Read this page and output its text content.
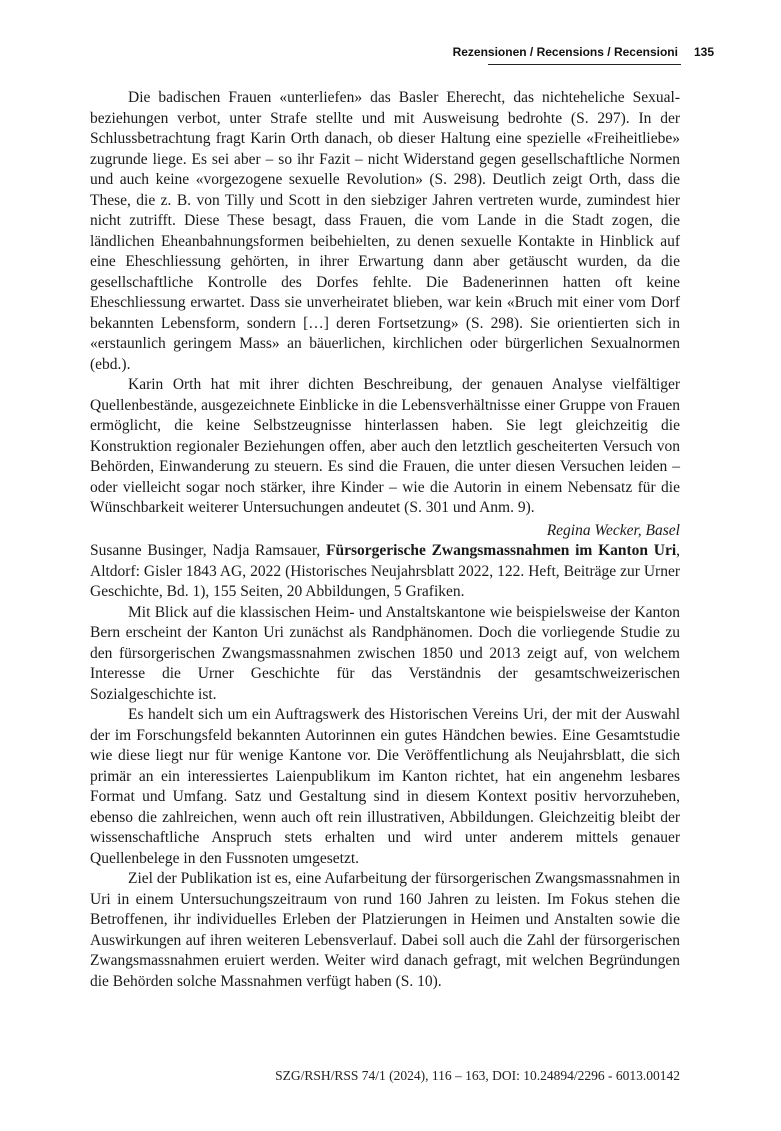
Rezensionen / Recensions / Recensioni 135

Die badischen Frauen «unterliefen» das Basler Eherecht, das nichteheliche Sexualbeziehungen verbot, unter Strafe stellte und mit Ausweisung bedrohte (S. 297). In der Schlussbetrachtung fragt Karin Orth danach, ob dieser Haltung eine spezielle «Freiheitliebe» zugrunde liege. Es sei aber – so ihr Fazit – nicht Widerstand gegen gesellschaftliche Normen und auch keine «vorgezogene sexuelle Revolution» (S. 298). Deutlich zeigt Orth, dass die These, die z. B. von Tilly und Scott in den siebziger Jahren vertreten wurde, zumindest hier nicht zutrifft. Diese These besagt, dass Frauen, die vom Lande in die Stadt zogen, die ländlichen Eheanbahnungsformen beibehielten, zu denen sexuelle Kontakte in Hinblick auf eine Eheschliessung gehörten, in ihrer Erwartung dann aber getäuscht wurden, da die gesellschaftliche Kontrolle des Dorfes fehlte. Die Badenerinnen hatten oft keine Eheschliessung erwartet. Dass sie unverheiratet blieben, war kein «Bruch mit einer vom Dorf bekannten Lebensform, sondern […] deren Fortsetzung» (S. 298). Sie orientierten sich in «erstaunlich geringem Mass» an bäuerlichen, kirchlichen oder bürgerlichen Sexualnormen (ebd.).

Karin Orth hat mit ihrer dichten Beschreibung, der genauen Analyse vielfältiger Quellenbestände, ausgezeichnete Einblicke in die Lebensverhältnisse einer Gruppe von Frauen ermöglicht, die keine Selbstzeugnisse hinterlassen haben. Sie legt gleichzeitig die Konstruktion regionaler Beziehungen offen, aber auch den letztlich gescheiterten Versuch von Behörden, Einwanderung zu steuern. Es sind die Frauen, die unter diesen Versuchen leiden – oder vielleicht sogar noch stärker, ihre Kinder – wie die Autorin in einem Nebensatz für die Wünschbarkeit weiterer Untersuchungen andeutet (S. 301 und Anm. 9).

Regina Wecker, Basel

Susanne Businger, Nadja Ramsauer, Fürsorgerische Zwangsmassnahmen im Kanton Uri, Altdorf: Gisler 1843 AG, 2022 (Historisches Neujahrsblatt 2022, 122. Heft, Beiträge zur Urner Geschichte, Bd. 1), 155 Seiten, 20 Abbildungen, 5 Grafiken.

Mit Blick auf die klassischen Heim- und Anstaltskantone wie beispielsweise der Kanton Bern erscheint der Kanton Uri zunächst als Randphänomen. Doch die vorliegende Studie zu den fürsorgerischen Zwangsmassnahmen zwischen 1850 und 2013 zeigt auf, von welchem Interesse die Urner Geschichte für das Verständnis der gesamtschweizerischen Sozialgeschichte ist.

Es handelt sich um ein Auftragswerk des Historischen Vereins Uri, der mit der Auswahl der im Forschungsfeld bekannten Autorinnen ein gutes Händchen bewies. Eine Gesamtstudie wie diese liegt nur für wenige Kantone vor. Die Veröffentlichung als Neujahrsblatt, die sich primär an ein interessiertes Laienpublikum im Kanton richtet, hat ein angenehm lesbares Format und Umfang. Satz und Gestaltung sind in diesem Kontext positiv hervorzuheben, ebenso die zahlreichen, wenn auch oft rein illustrativen, Abbildungen. Gleichzeitig bleibt der wissenschaftliche Anspruch stets erhalten und wird unter anderem mittels genauer Quellenbelege in den Fussnoten umgesetzt.

Ziel der Publikation ist es, eine Aufarbeitung der fürsorgerischen Zwangsmassnahmen in Uri in einem Untersuchungszeitraum von rund 160 Jahren zu leisten. Im Fokus stehen die Betroffenen, ihr individuelles Erleben der Platzierungen in Heimen und Anstalten sowie die Auswirkungen auf ihren weiteren Lebensverlauf. Dabei soll auch die Zahl der fürsorgerischen Zwangsmassnahmen eruiert werden. Weiter wird danach gefragt, mit welchen Begründungen die Behörden solche Massnahmen verfügt haben (S. 10).

SZG/RSH/RSS 74/1 (2024), 116 – 163, DOI: 10.24894/2296 - 6013.00142
